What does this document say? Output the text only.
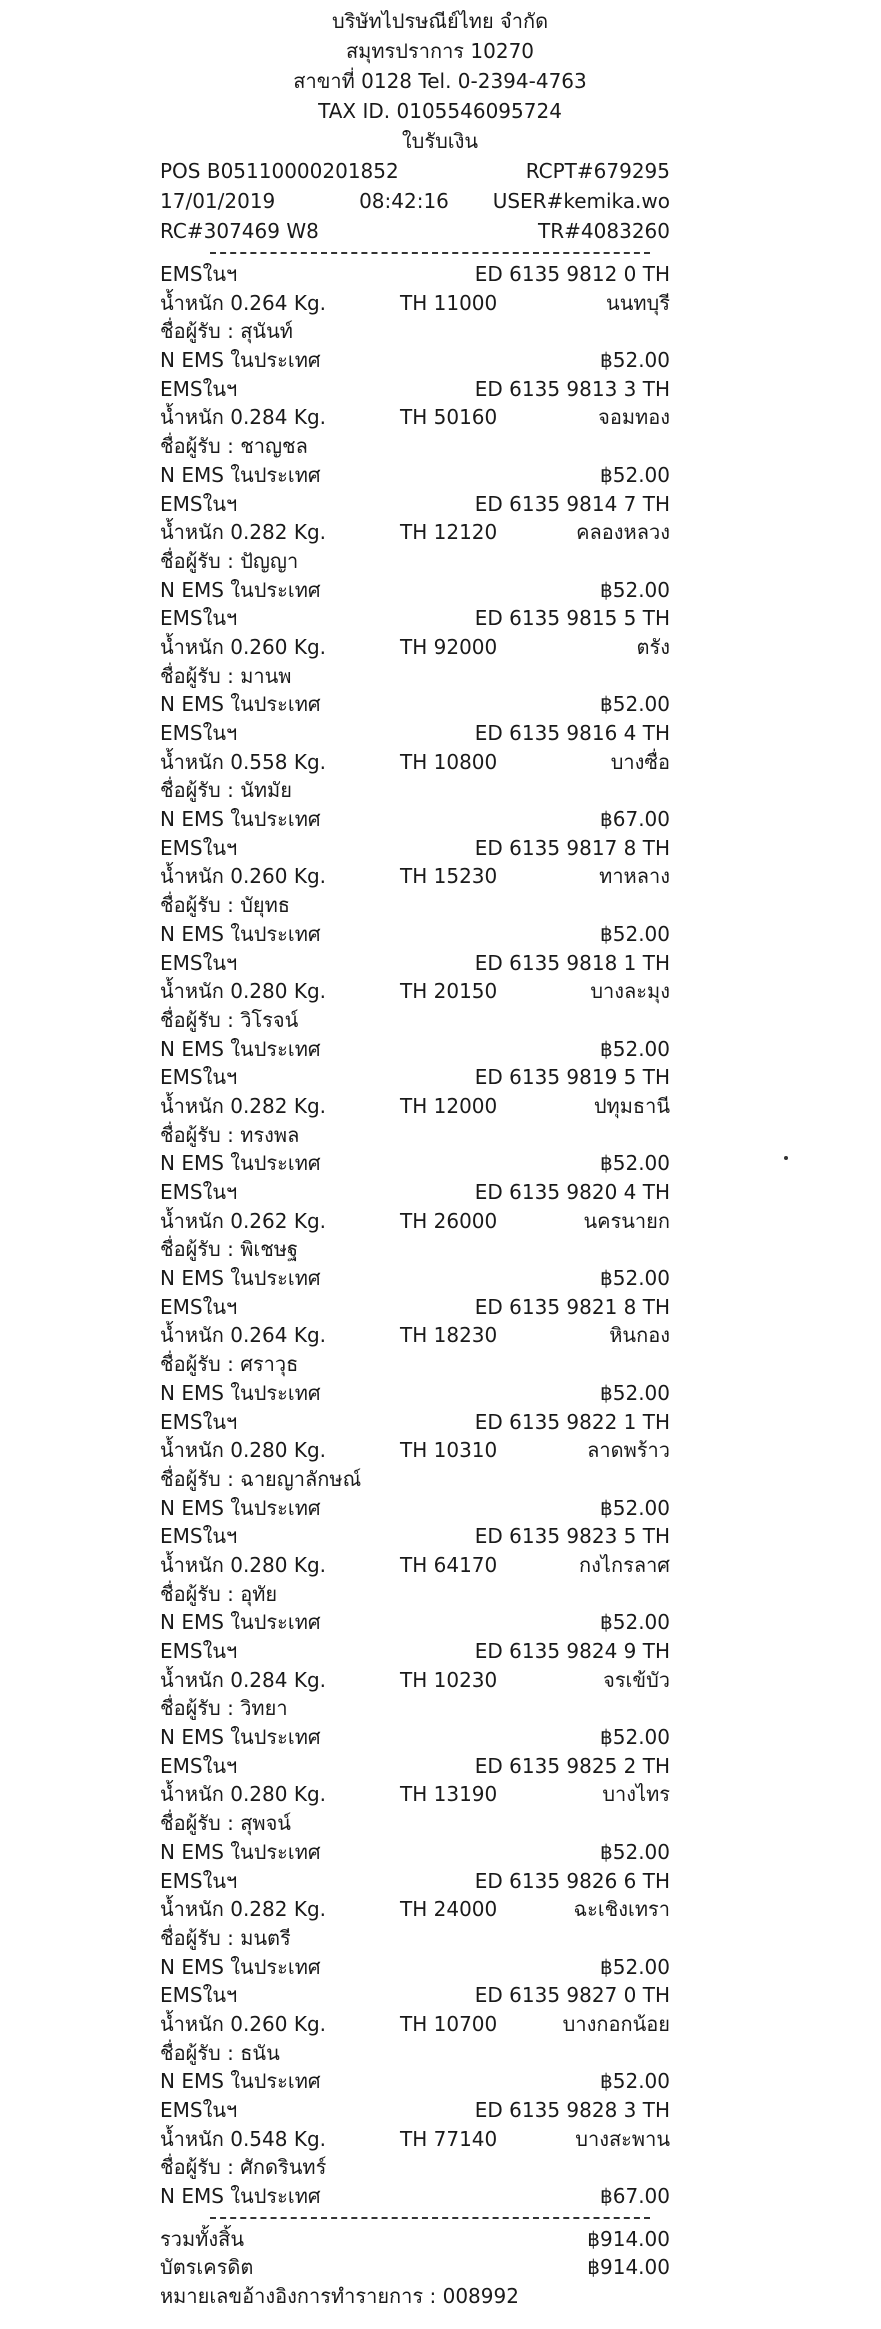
บริษัทไปรษณีย์ไทย จำกัด
สมุทรปราการ 10270
สาขาที่ 0128 Tel. 0-2394-4763
TAX ID. 0105546095724
ใบรับเงิน
POS B05110000201852	RCPT#679295
17/01/2019	08:42:16 USER#kemika.wo
RC#307469 W8	TR#4083260
EMSในฯ	ED 6135 9812 0 TH
น้ำหนัก 0.264 Kg.	TH 11000	นนทบุรี
ชื่อผู้รับ : สุนันท์
N EMS ในประเทศ	฿52.00
EMSในฯ	ED 6135 9813 3 TH
น้ำหนัก 0.284 Kg.	TH 50160	จอมทอง
ชื่อผู้รับ : ชาญชล
N EMS ในประเทศ	฿52.00
EMSในฯ	ED 6135 9814 7 TH
น้ำหนัก 0.282 Kg.	TH 12120	คลองหลวง
ชื่อผู้รับ : ปัญญา
N EMS ในประเทศ	฿52.00
EMSในฯ	ED 6135 9815 5 TH
น้ำหนัก 0.260 Kg.	TH 92000	ตรัง
ชื่อผู้รับ : มานพ
N EMS ในประเทศ	฿52.00
EMSในฯ	ED 6135 9816 4 TH
น้ำหนัก 0.558 Kg.	TH 10800	บางซื่อ
ชื่อผู้รับ : นัทมัย
N EMS ในประเทศ	฿67.00
EMSในฯ	ED 6135 9817 8 TH
น้ำหนัก 0.260 Kg.	TH 15230	ทาหลาง
ชื่อผู้รับ : บัยุทธ
N EMS ในประเทศ	฿52.00
EMSในฯ	ED 6135 9818 1 TH
น้ำหนัก 0.280 Kg.	TH 20150	บางละมุง
ชื่อผู้รับ : วิโรจน์
N EMS ในประเทศ	฿52.00
EMSในฯ	ED 6135 9819 5 TH
น้ำหนัก 0.282 Kg.	TH 12000	ปทุมธานี
ชื่อผู้รับ : ทรงพล
N EMS ในประเทศ	฿52.00
EMSในฯ	ED 6135 9820 4 TH
น้ำหนัก 0.262 Kg.	TH 26000	นครนายก
ชื่อผู้รับ : พิเชษฐ
N EMS ในประเทศ	฿52.00
EMSในฯ	ED 6135 9821 8 TH
น้ำหนัก 0.264 Kg.	TH 18230	หินกอง
ชื่อผู้รับ : ศราวุธ
N EMS ในประเทศ	฿52.00
EMSในฯ	ED 6135 9822 1 TH
น้ำหนัก 0.280 Kg.	TH 10310	ลาดพร้าว
ชื่อผู้รับ : ฉายญาลักษณ์
N EMS ในประเทศ	฿52.00
EMSในฯ	ED 6135 9823 5 TH
น้ำหนัก 0.280 Kg.	TH 64170	กงไกรลาศ
ชื่อผู้รับ : อุทัย
N EMS ในประเทศ	฿52.00
EMSในฯ	ED 6135 9824 9 TH
น้ำหนัก 0.284 Kg.	TH 10230	จรเข้บัว
ชื่อผู้รับ : วิทยา
N EMS ในประเทศ	฿52.00
EMSในฯ	ED 6135 9825 2 TH
น้ำหนัก 0.280 Kg.	TH 13190	บางไทร
ชื่อผู้รับ : สุพจน์
N EMS ในประเทศ	฿52.00
EMSในฯ	ED 6135 9826 6 TH
น้ำหนัก 0.282 Kg.	TH 24000	ฉะเชิงเทรา
ชื่อผู้รับ : มนตรี
N EMS ในประเทศ	฿52.00
EMSในฯ	ED 6135 9827 0 TH
น้ำหนัก 0.260 Kg.	TH 10700	บางกอกน้อย
ชื่อผู้รับ : ธนัน
N EMS ในประเทศ	฿52.00
EMSในฯ	ED 6135 9828 3 TH
น้ำหนัก 0.548 Kg.	TH 77140	บางสะพาน
ชื่อผู้รับ : ศักดรินทร์
N EMS ในประเทศ	฿67.00
รวมทั้งสิ้น	฿914.00
บัตรเครดิต	฿914.00
หมายเลขอ้างอิงการทำรายการ : 008992
